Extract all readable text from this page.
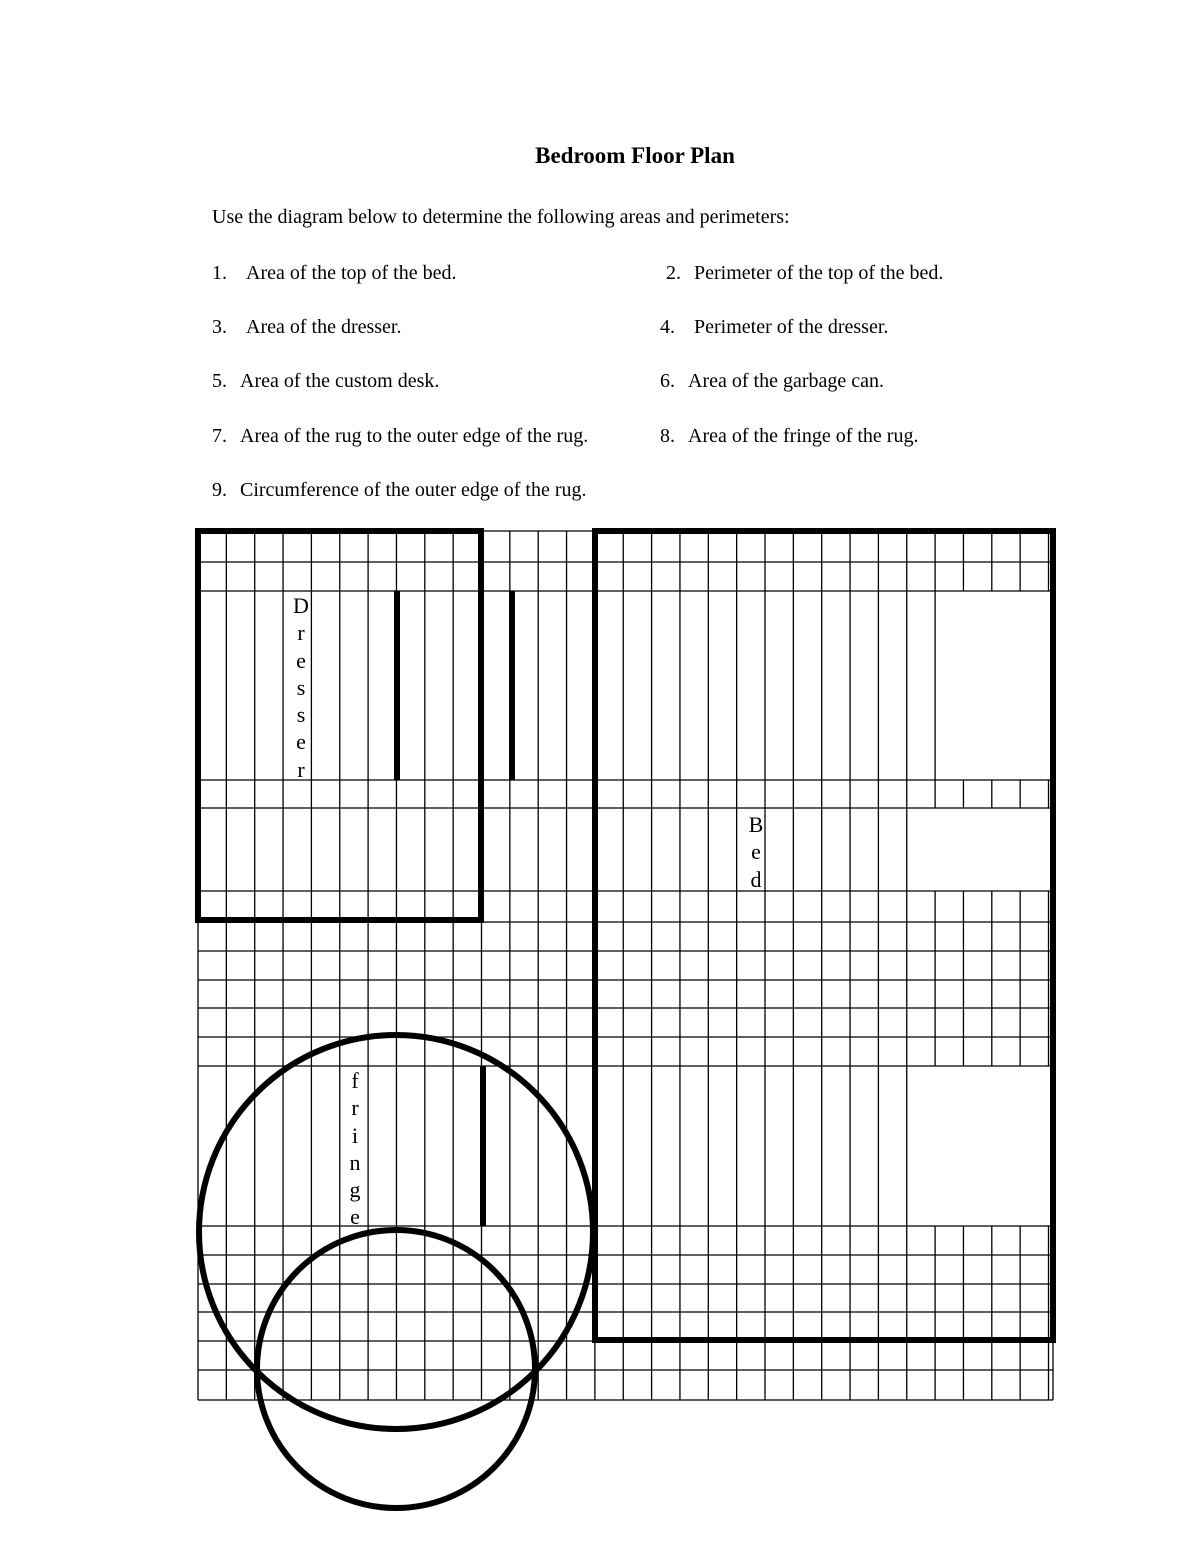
Bedroom Floor Plan
Use the diagram below to determine the following areas and perimeters:
1. Area of the top of the bed.	2. Perimeter of the top of the bed.
3. Area of the dresser.	4. Perimeter of the dresser.
5. Area of the custom desk.	6. Area of the garbage can.
7. Area of the rug to the outer edge of the rug.	8. Area of the fringe of the rug.
9. Circumference of the outer edge of the rug.
D
r
e
s
s
e
r
B
e
d
f
r
i
n
g
e
